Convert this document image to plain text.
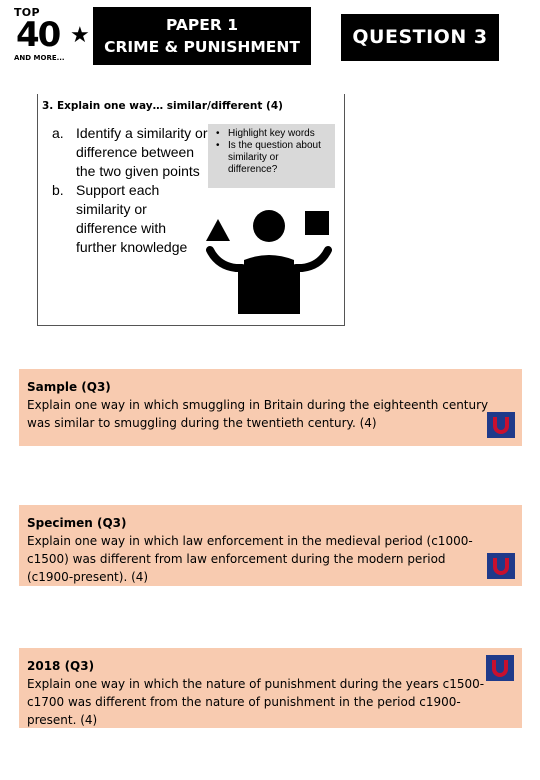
TOP
40 ★
AND MORE...
PAPER 1
CRIME & PUNISHMENT	QUESTION 3
3. Explain one way… similar/different (4)
a. Identify a similarity or difference between the two given points
b. Support each similarity or difference with further knowledge
• Highlight key words
• Is the question about similarity or difference?
Sample (Q3)
Explain one way in which smuggling in Britain during the eighteenth century was similar to smuggling during the twentieth century. (4)
Specimen (Q3)
Explain one way in which law enforcement in the medieval period (c1000-c1500) was different from law enforcement during the modern period (c1900-present). (4)
2018 (Q3)
Explain one way in which the nature of punishment during the years c1500-c1700 was different from the nature of punishment in the period c1900-present. (4)
